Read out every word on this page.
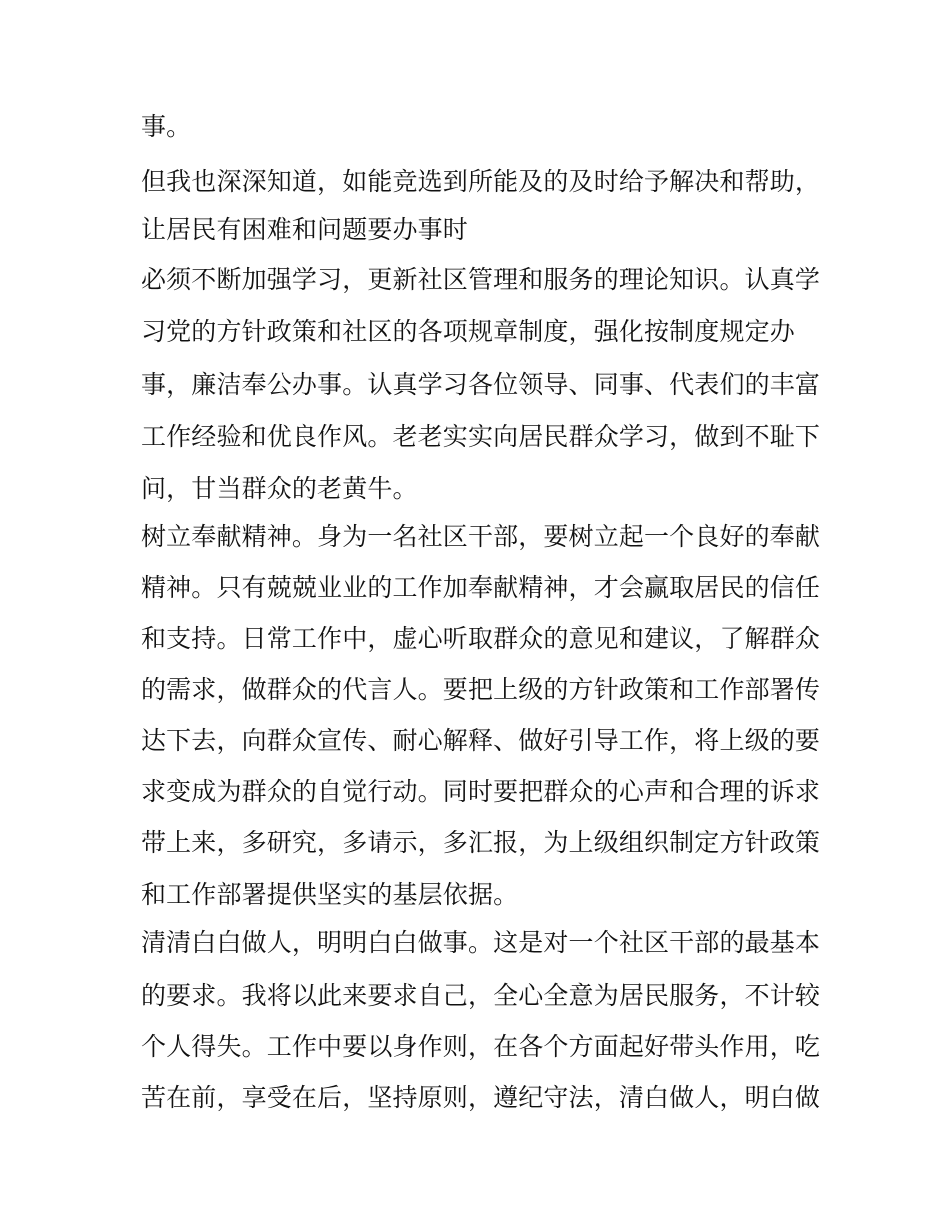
事。
但我也深深知道，如能竞选到所能及的及时给予解决和帮助，
让居民有困难和问题要办事时
必须不断加强学习，更新社区管理和服务的理论知识。认真学
习党的方针政策和社区的各项规章制度，强化按制度规定办
事，廉洁奉公办事。认真学习各位领导、同事、代表们的丰富
工作经验和优良作风。老老实实向居民群众学习，做到不耻下
问，甘当群众的老黄牛。
树立奉献精神。身为一名社区干部，要树立起一个良好的奉献
精神。只有兢兢业业的工作加奉献精神，才会赢取居民的信任
和支持。日常工作中，虚心听取群众的意见和建议，了解群众
的需求，做群众的代言人。要把上级的方针政策和工作部署传
达下去，向群众宣传、耐心解释、做好引导工作，将上级的要
求变成为群众的自觉行动。同时要把群众的心声和合理的诉求
带上来，多研究，多请示，多汇报，为上级组织制定方针政策
和工作部署提供坚实的基层依据。
清清白白做人，明明白白做事。这是对一个社区干部的最基本
的要求。我将以此来要求自己，全心全意为居民服务，不计较
个人得失。工作中要以身作则，在各个方面起好带头作用，吃
苦在前，享受在后，坚持原则，遵纪守法，清白做人，明白做
